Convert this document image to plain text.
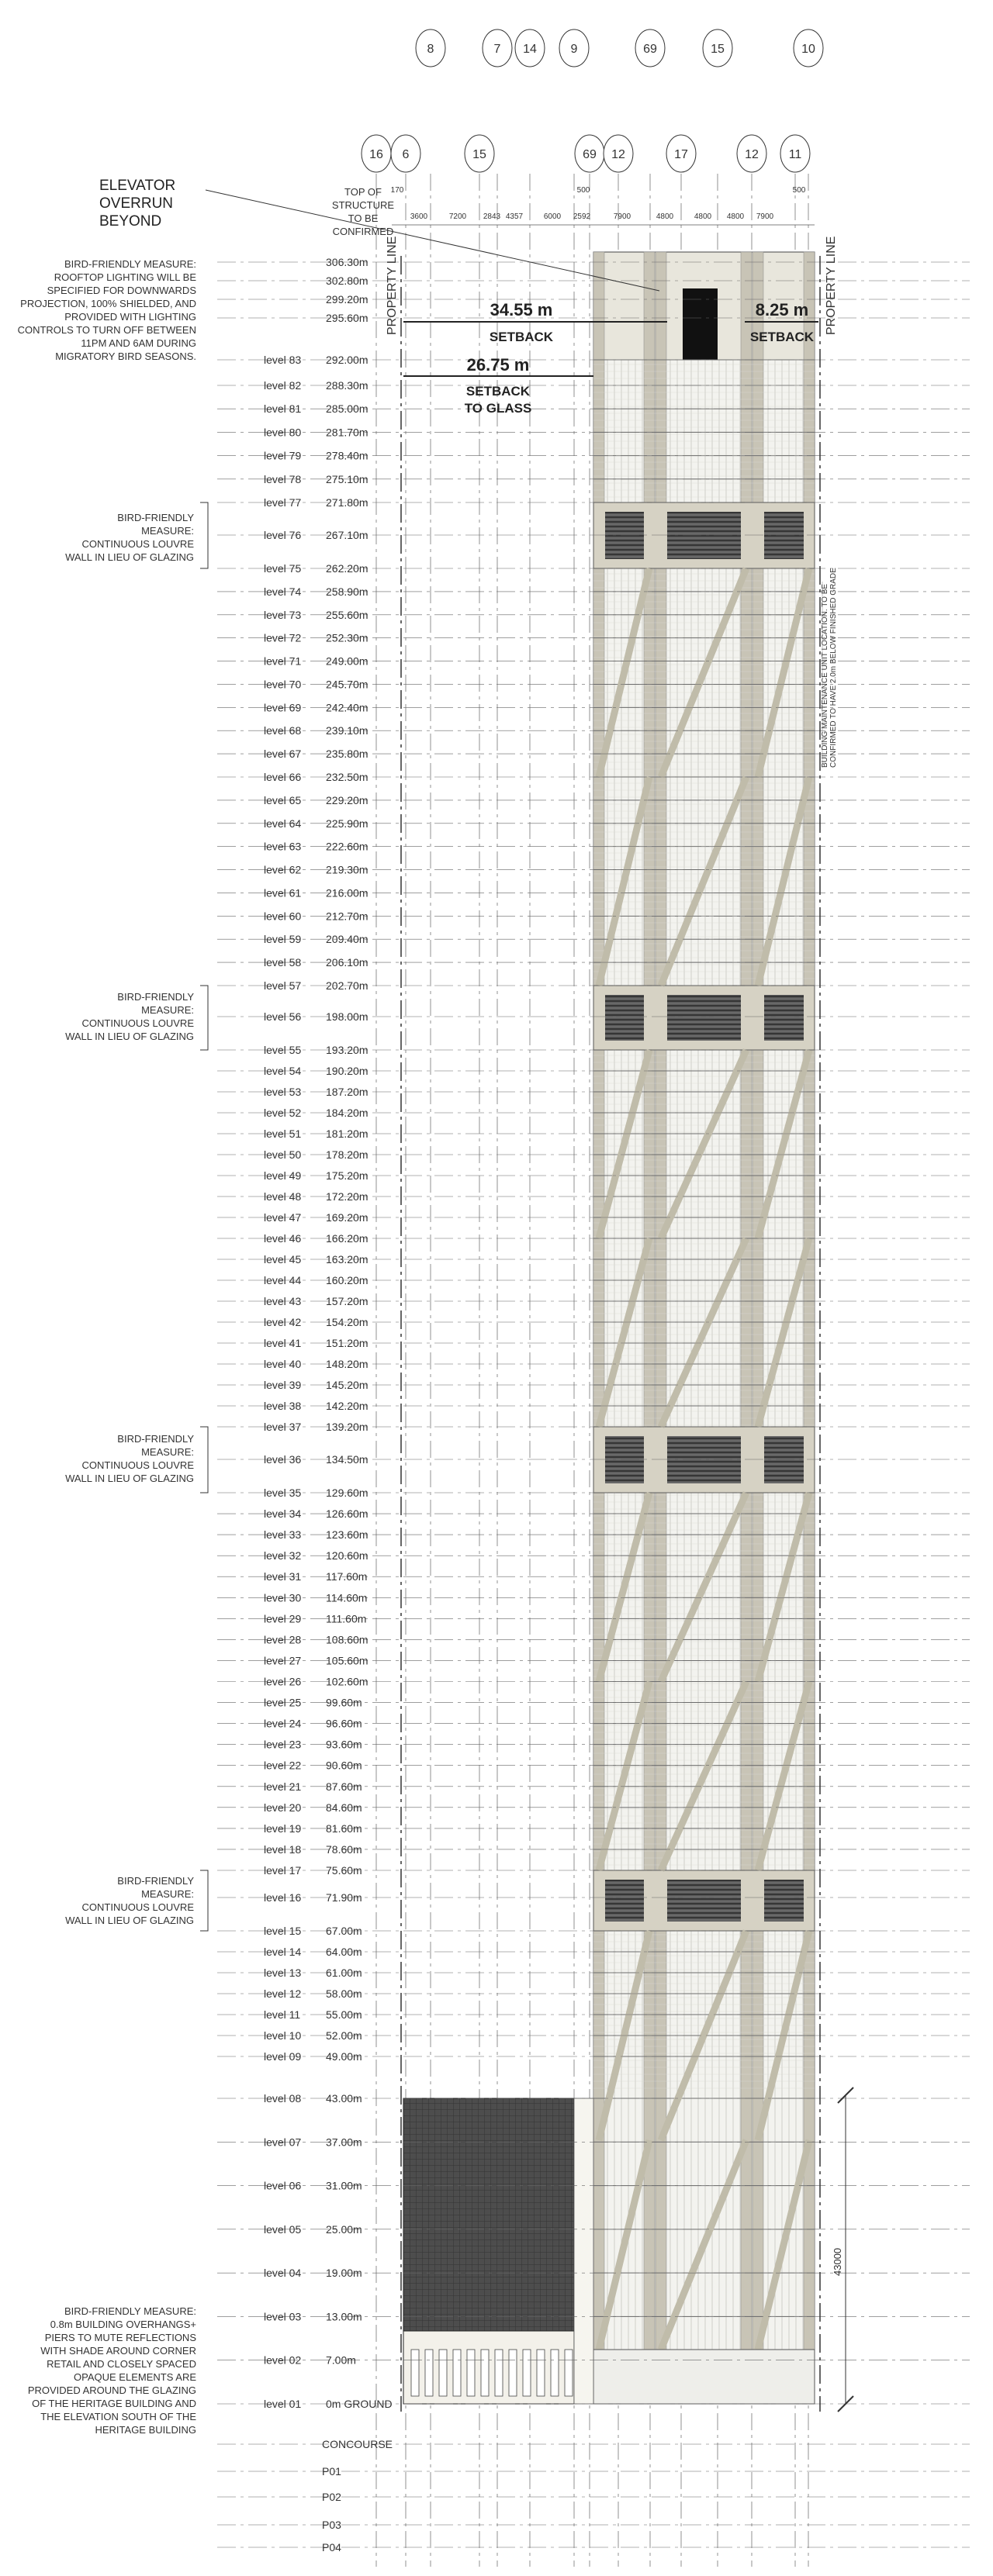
8	7 14	9	69	15	10
16 6	15	69 12	17	12 11
170
3600	7200 2843 4357	6000 2592
500
7900	4800	4800 4800 7900
500
level 83 292.00m
level 82 288.30m
level 81 285.00m
level 80 281.70m
level 79 278.40m
level 78 275.10m
level 77 271.80m
level 76 267.10m
level 75 262.20m
level 74 258.90m
level 73 255.60m
level 72 252.30m
level 71 249.00m
level 70 245.70m
level 69 242.40m
level 68 239.10m
level 67 235.80m
level 66 232.50m
level 65 229.20m
level 64 225.90m
level 63 222.60m
level 62 219.30m
level 61 216.00m
level 60 212.70m
level 59 209.40m
level 58 206.10m
level 57 202.70m
level 56 198.00m
level 55 193.20m
level 54 190.20m
level 53 187.20m
level 52 184.20m
level 51 181.20m
level 50 178.20m
level 49 175.20m
level 48 172.20m
level 47 169.20m
level 46 166.20m
level 45 163.20m
level 44 160.20m
level 43 157.20m
level 42 154.20m
level 41 151.20m
level 40 148.20m
level 39 145.20m
level 38 142.20m
level 37 139.20m
level 36 134.50m
level 35 129.60m
level 34 126.60m
level 33 123.60m
level 32 120.60m
level 31 117.60m
level 30 114.60m
level 29 111.60m
level 28 108.60m
level 27 105.60m
level 26 102.60m
level 25 99.60m
level 24 96.60m
level 23 93.60m
level 22 90.60m
level 21 87.60m
level 20 84.60m
level 19 81.60m
level 18 78.60m
level 17 75.60m
level 16 71.90m
level 15 67.00m
level 14 64.00m
level 13 61.00m
level 12 58.00m
level 11 55.00m
level 10 52.00m
level 09 49.00m
level 08 43.00m
level 07 37.00m
level 06 31.00m
level 05 25.00m
level 04 19.00m
level 03 13.00m
level 02 7.00m
level 01 0m GROUND
306.30m
302.80m
299.20m
295.60m
CONCOURSE
P01
P02
P03
P04
ELEVATOR OVERRUN BEYOND
TOP OF STRUCTURE TO BE CONFIRMED
BIRD-FRIENDLY MEASURE: ROOFTOP LIGHTING WILL BE SPECIFIED FOR DOWNWARDS PROJECTION, 100% SHIELDED, AND PROVIDED WITH LIGHTING CONTROLS TO TURN OFF BETWEEN 11PM AND 6AM DURING MIGRATORY BIRD SEASONS.
BIRD-FRIENDLY MEASURE: CONTINUOUS LOUVRE WALL IN LIEU OF GLAZING
BIRD-FRIENDLY MEASURE: CONTINUOUS LOUVRE WALL IN LIEU OF GLAZING
BIRD-FRIENDLY MEASURE: CONTINUOUS LOUVRE WALL IN LIEU OF GLAZING
BIRD-FRIENDLY MEASURE: CONTINUOUS LOUVRE WALL IN LIEU OF GLAZING
BIRD-FRIENDLY MEASURE: 0.8m BUILDING OVERHANGS+ PIERS TO MUTE REFLECTIONS WITH SHADE AROUND CORNER RETAIL AND CLOSELY SPACED OPAQUE ELEMENTS ARE PROVIDED AROUND THE GLAZING OF THE HERITAGE BUILDING AND THE ELEVATION SOUTH OF THE HERITAGE BUILDING
34.55 m
SETBACK
26.75 m
SETBACK
TO GLASS
8.25 m
SETBACK
PROPERTY LINE	PROPERTY LINE
43000
BUILDING MAINTENANCE UNIT LOCATION. TO BECONFIRMED TO HAVE 2.0m BELOW FINISHED GRADE
